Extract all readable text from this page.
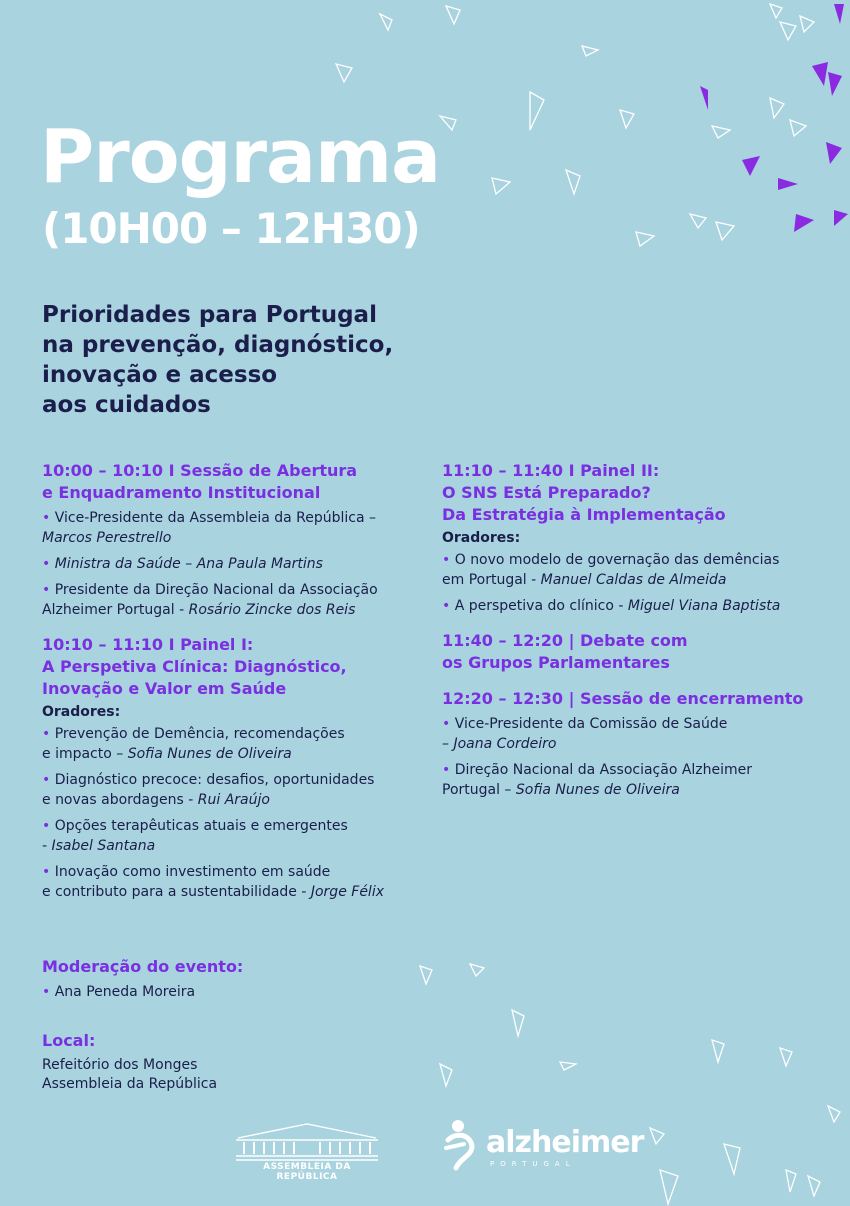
Programa
(10H00 – 12H30)
Prioridades para Portugal
na prevenção, diagnóstico,
inovação e acesso
aos cuidados
10:00 – 10:10 I Sessão de Abertura
e Enquadramento Institucional
• Vice-Presidente da Assembleia da República –
Marcos Perestrello
• Ministra da Saúde – Ana Paula Martins
• Presidente da Direção Nacional da Associação
Alzheimer Portugal - Rosário Zincke dos Reis
10:10 – 11:10 I Painel I:
A Perspetiva Clínica: Diagnóstico,
Inovação e Valor em Saúde
Oradores:
• Prevenção de Demência, recomendações
e impacto – Sofia Nunes de Oliveira
• Diagnóstico precoce: desafios, oportunidades
e novas abordagens - Rui Araújo
• Opções terapêuticas atuais e emergentes
- Isabel Santana
• Inovação como investimento em saúde
e contributo para a sustentabilidade - Jorge Félix
11:10 – 11:40 I Painel II:
O SNS Está Preparado?
Da Estratégia à Implementação
Oradores:
• O novo modelo de governação das demências
em Portugal - Manuel Caldas de Almeida
• A perspetiva do clínico - Miguel Viana Baptista
11:40 – 12:20 | Debate com
os Grupos Parlamentares
12:20 – 12:30 | Sessão de encerramento
• Vice-Presidente da Comissão de Saúde
– Joana Cordeiro
• Direção Nacional da Associação Alzheimer
Portugal – Sofia Nunes de Oliveira
Moderação do evento:
• Ana Peneda Moreira
Local:
Refeitório dos Monges
Assembleia da República
ASSEMBLEIA DA REPÚBLICA
alzheimer
PORTUGAL
